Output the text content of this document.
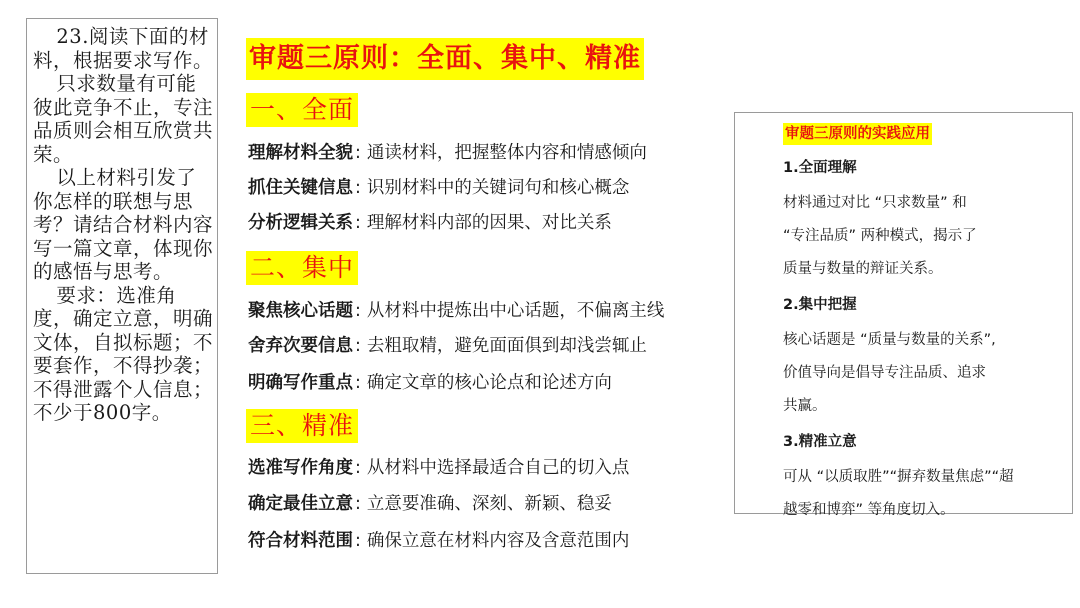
23.阅读下面的材料，根据要求写作。

只求数量有可能彼此竞争不止，专注品质则会相互欣赏共荣。

以上材料引发了你怎样的联想与思考？请结合材料内容写一篇文章，体现你的感悟与思考。

要求：选准角度，确定立意，明确文体，自拟标题；不要套作，不得抄袭；不得泄露个人信息；不少于800字。

审题三原则：全面、集中、精准
一、全面
理解材料全貌 : 通读材料，把握整体内容和情感倾向
抓住关键信息 : 识别材料中的关键词句和核心概念
分析逻辑关系 : 理解材料内部的因果、对比关系
二、集中
聚焦核心话题 : 从材料中提炼出中心话题，不偏离主线
舍弃次要信息 : 去粗取精，避免面面俱到却浅尝辄止
明确写作重点 : 确定文章的核心论点和论述方向
三、精准
选准写作角度 : 从材料中选择最适合自己的切入点
确定最佳立意 : 立意要准确、深刻、新颖、稳妥
符合材料范围 : 确保立意在材料内容及含意范围内
审题三原则的实践应用
1.全面理解
材料通过对比 “只求数量” 和
“专注品质” 两种模式，揭示了
质量与数量的辩证关系。
2.集中把握
核心话题是 “质量与数量的关系”,
价值导向是倡导专注品质、追求
共赢。
3.精准立意
可从 “以质取胜”“摒弃数量焦虑”“超
越零和博弈” 等角度切入。
